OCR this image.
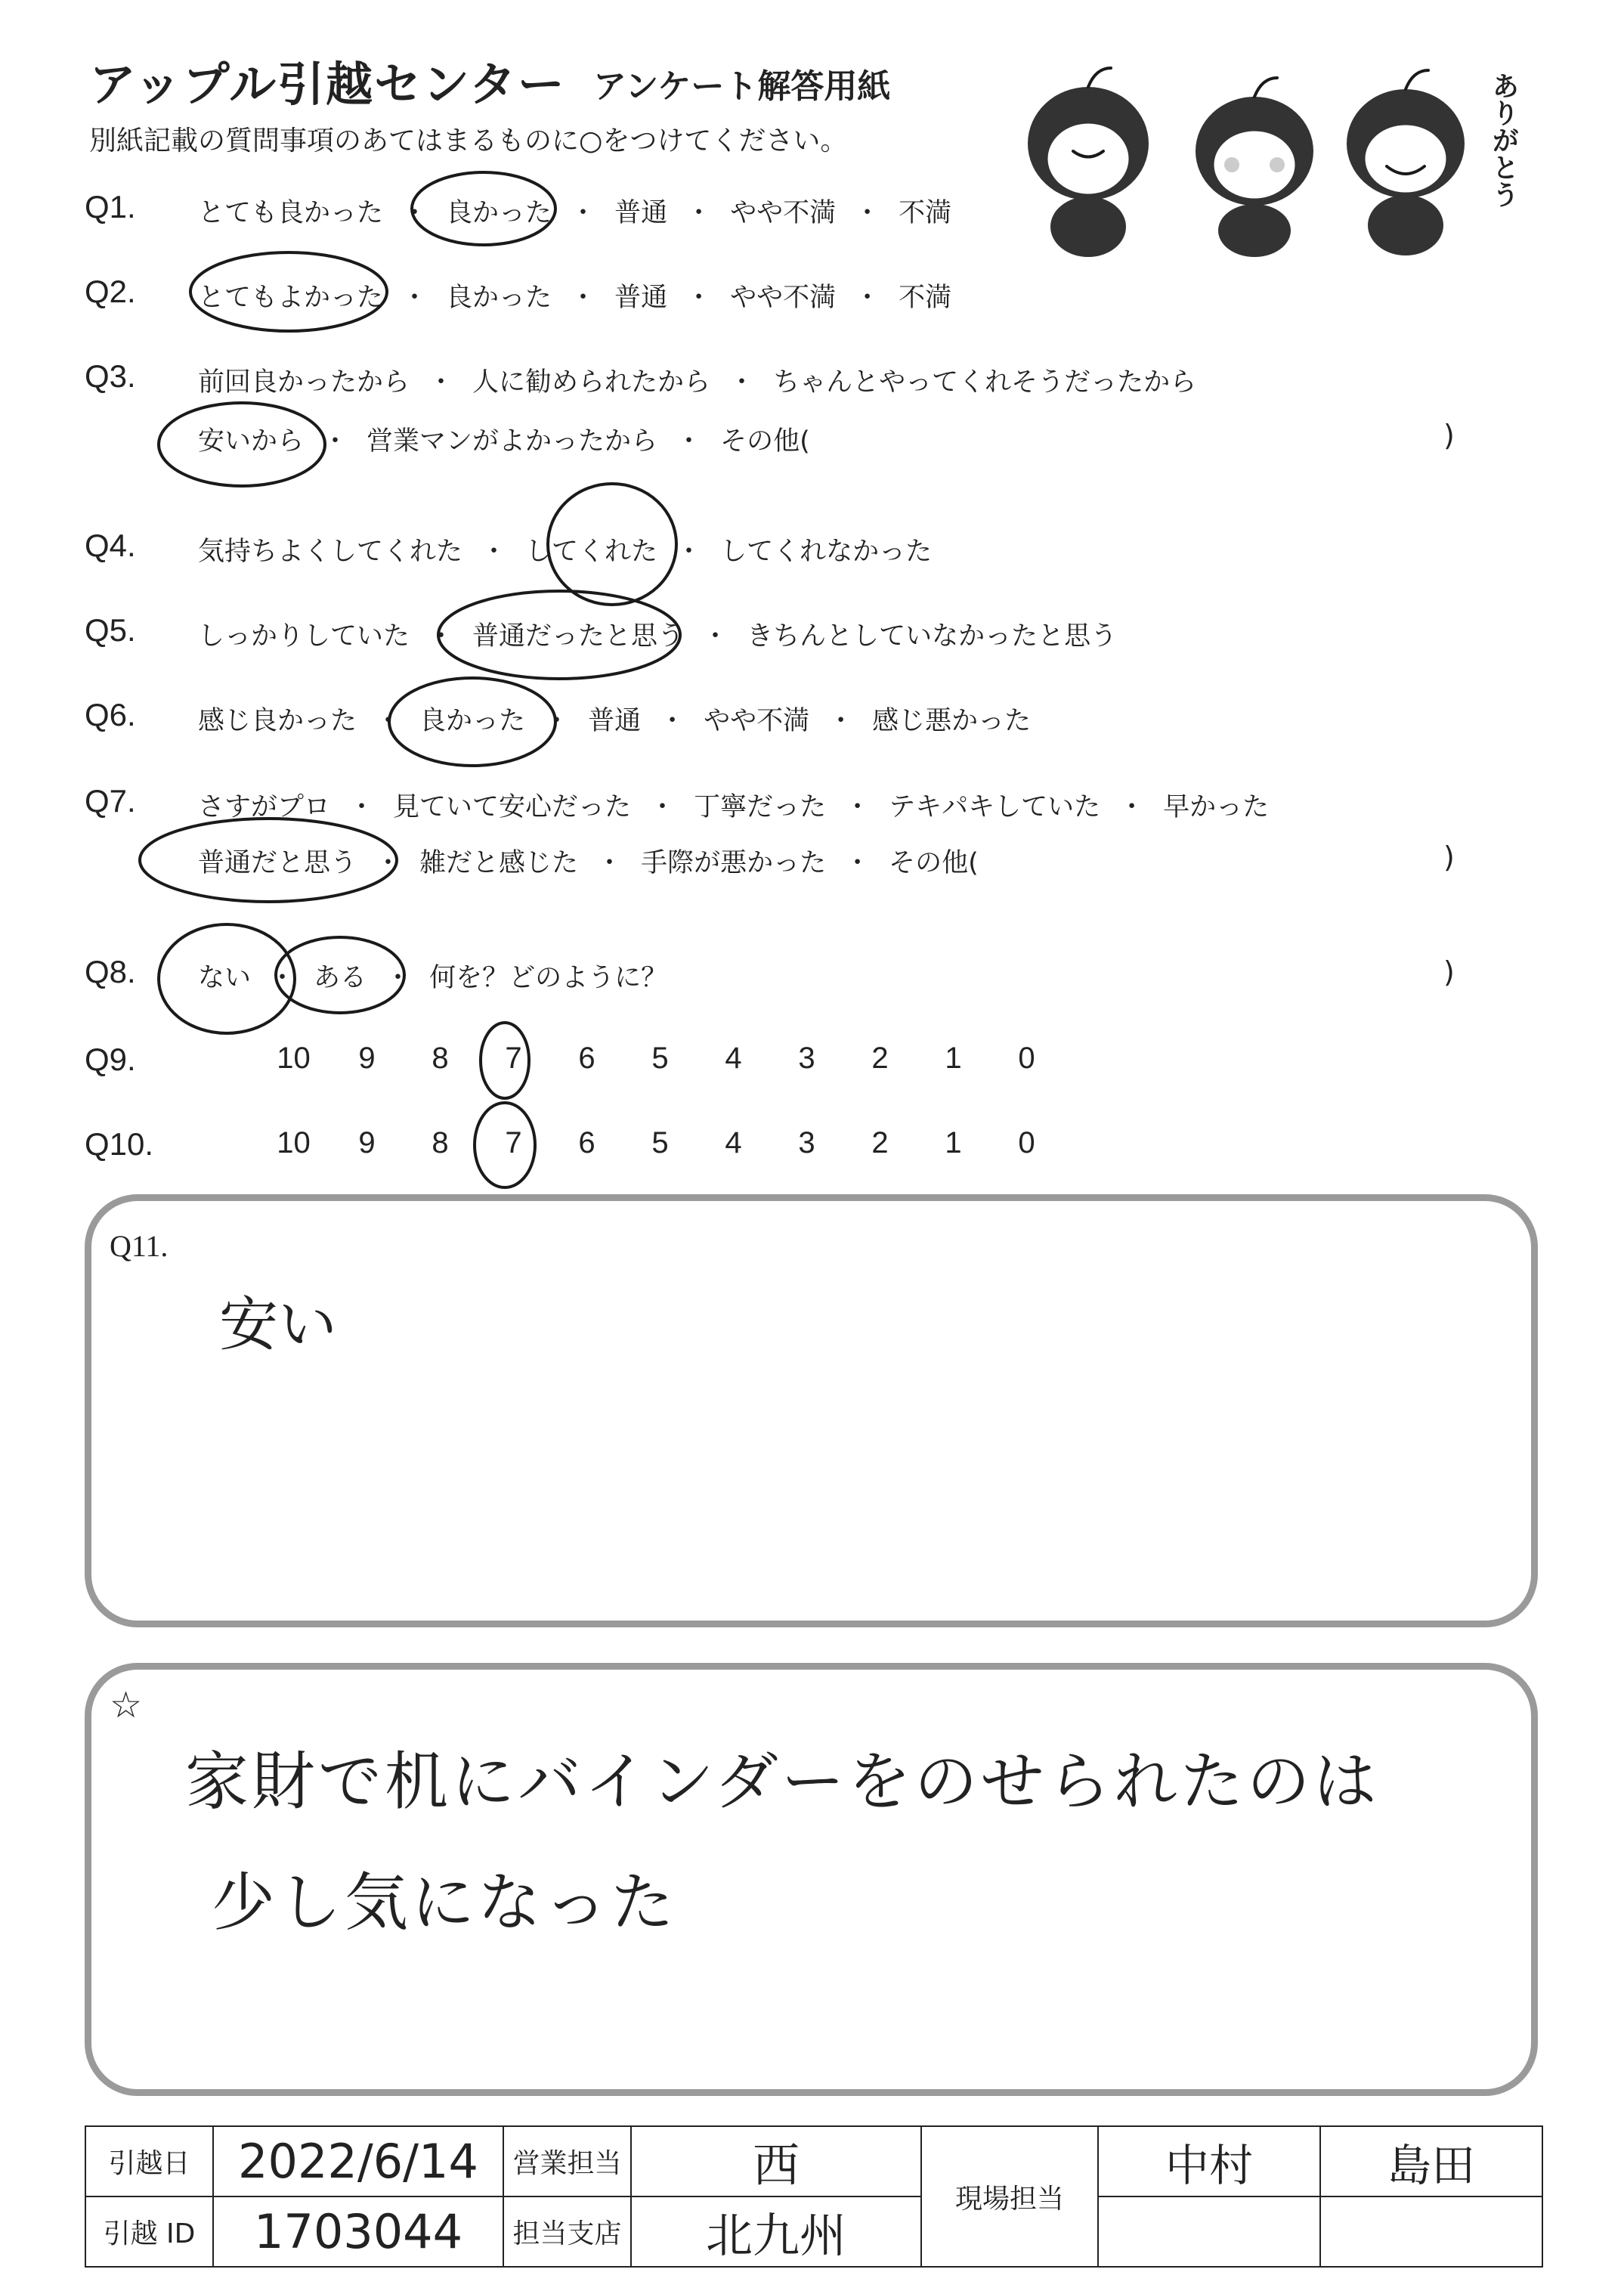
アップル引越センター アンケート解答用紙
別紙記載の質問事項のあてはまるものに○をつけてください。	ありがとう
Q1. とても良かった ・ 良かった ・ 普通 ・ やや不満 ・ 不満
Q2. とてもよかった ・ 良かった ・ 普通 ・ やや不満 ・ 不満
Q3. 前回良かったから ・ 人に勧められたから ・ ちゃんとやってくれそうだったから
安いから ・ 営業マンがよかったから ・ その他(	)
Q4. 気持ちよくしてくれた ・ してくれた ・ してくれなかった
Q5. しっかりしていた ・ 普通だったと思う ・ きちんとしていなかったと思う
Q6. 感じ良かった ・ 良かった ・ 普通 ・ やや不満 ・ 感じ悪かった
Q7. さすがプロ ・ 見ていて安心だった ・ 丁寧だった ・ テキパキしていた ・ 早かった
普通だと思う ・ 雑だと感じた ・ 手際が悪かった ・ その他(	)
Q8. ない ・ ある ・ 何を？どのように？	)
Q9.	10 9 8 7 6 5 4 3 2 1 0
Q10.	10 9 8 7 6 5 4 3 2 1 0
Q11.
安い
☆
家財で机にバインダーをのせられたのは
少し気になった
引越日	2022/6/14	営業担当	西	現場担当	中村	島田
引越 ID	1703044	担当支店	北九州			
